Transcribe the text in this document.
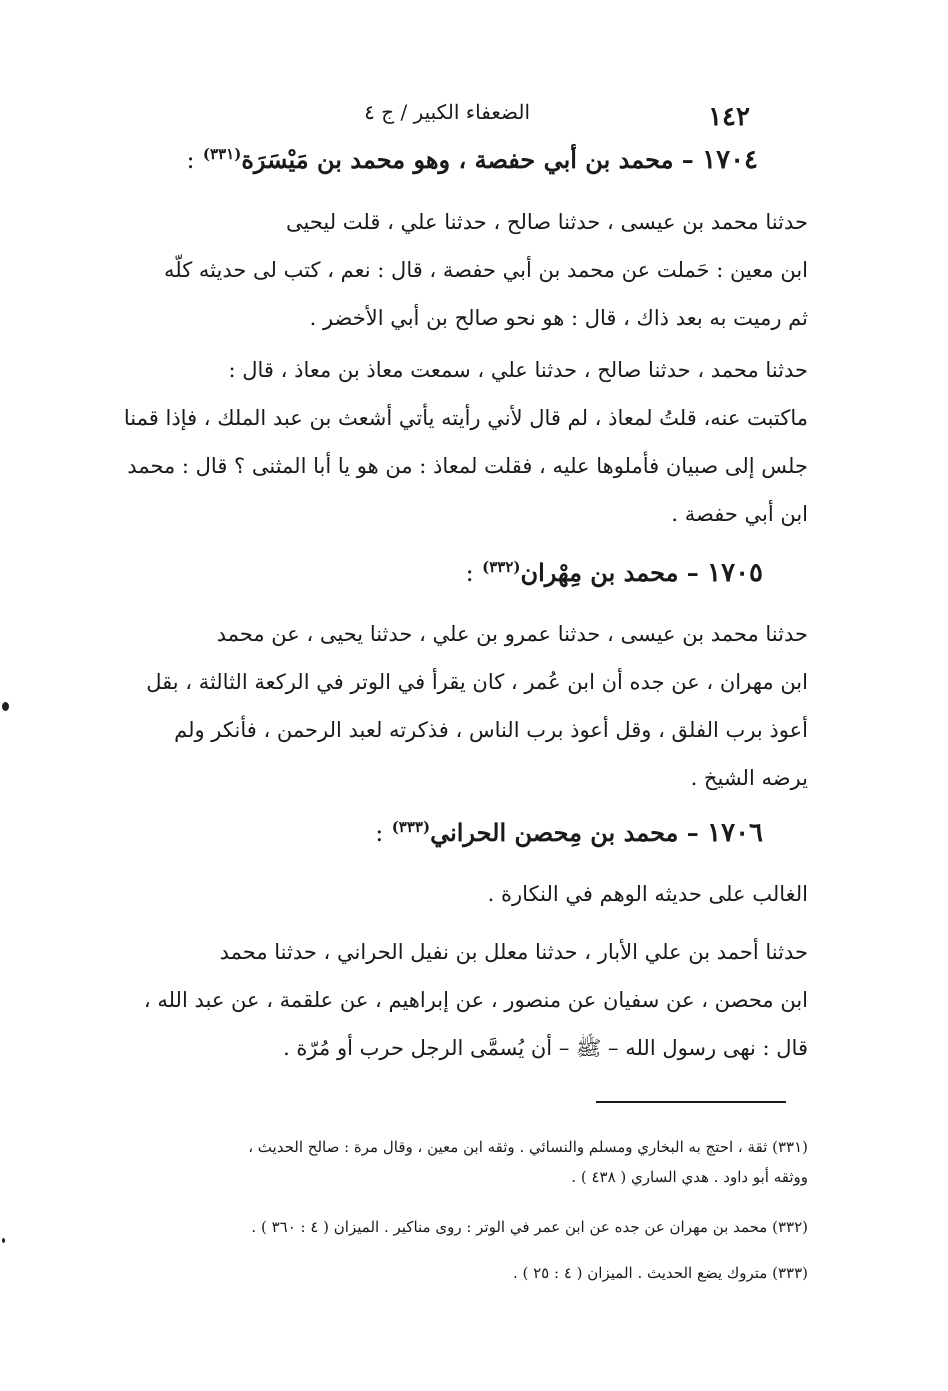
الضعفاء الكبير / ج ٤	١٤٢
١٧٠٤ – محمد بن أبي حفصة ، وهو محمد بن مَيْسَرَة$^{(٣٣١)}$ :
حدثنا محمد بن عيسى ، حدثنا صالح ، حدثنا علي ، قلت ليحيى
ابن معين : حَملت عن محمد بن أبي حفصة ، قال : نعم ، كتب لى حديثه كلّه
ثم رميت به بعد ذاك ، قال : هو نحو صالح بن أبي الأخضر .
حدثنا محمد ، حدثنا صالح ، حدثنا علي ، سمعت معاذ بن معاذ ، قال :
ماكتبت عنه، قلتُ لمعاذ ، لم قال لأني رأيته يأتي أشعث بن عبد الملك ، فإذا قمنا
جلس إلى صبيان فأملوها عليه ، فقلت لمعاذ : من هو يا أبا المثنى ؟ قال : محمد
ابن أبي حفصة .
١٧٠٥ – محمد بن مِهْران$^{(٣٣٢)}$ :
حدثنا محمد بن عيسى ، حدثنا عمرو بن علي ، حدثنا يحيى ، عن محمد
ابن مهران ، عن جده أن ابن عُمر ، كان يقرأ في الوتر في الركعة الثالثة ، بقل
أعوذ برب الفلق ، وقل أعوذ برب الناس ، فذكرته لعبد الرحمن ، فأنكر ولم
يرضه الشيخ .
١٧٠٦ – محمد بن مِحصن الحراني$^{(٣٣٣)}$ :
الغالب على حديثه الوهم في النكارة .
حدثنا أحمد بن علي الأبار ، حدثنا معلل بن نفيل الحراني ، حدثنا محمد
ابن محصن ، عن سفيان عن منصور ، عن إبراهيم ، عن علقمة ، عن عبد الله ،
قال : نهى رسول الله – ﷺ – أن يُسمَّى الرجل حرب أو مُرّة .
(٣٣١) ثقة ، احتج به البخاري ومسلم والنسائي . وثقه ابن معين ، وقال مرة : صالح الحديث ،
ووثقه أبو داود . هدي الساري ( ٤٣٨ ) .
(٣٣٢) محمد بن مهران عن جده عن ابن عمر في الوتر : روى مناكير . الميزان ( ٤ : ٣٦٠ ) .
(٣٣٣) متروك يضع الحديث . الميزان ( ٤ : ٢٥ ) .
